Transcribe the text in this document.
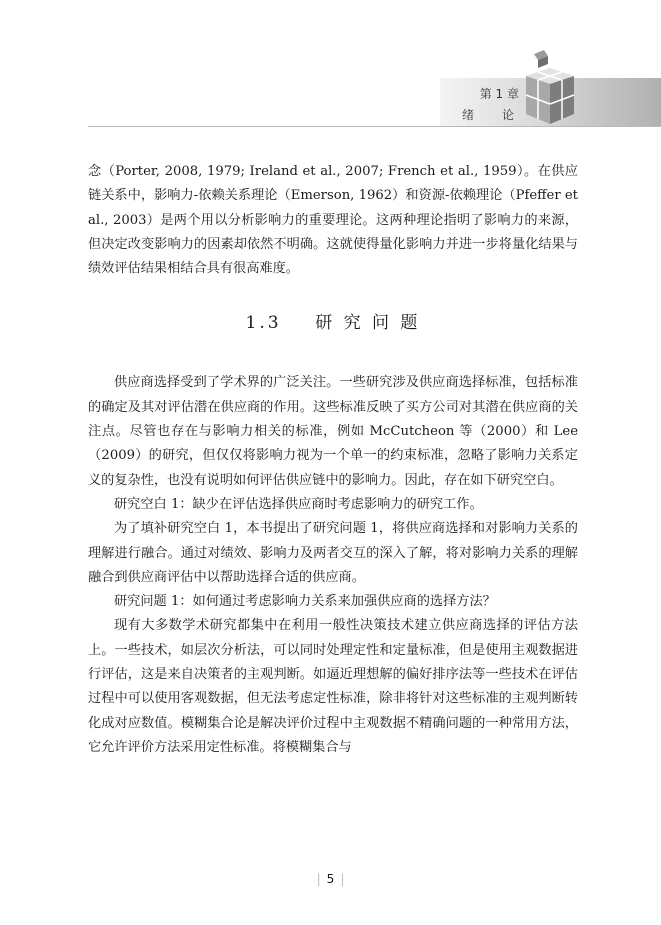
第 1 章
绪 论

念（Porter, 2008, 1979; Ireland et al., 2007; French et al., 1959）。在供应链关系中，影响力-依赖关系理论（Emerson, 1962）和资源-依赖理论（Pfeffer et al., 2003）是两个用以分析影响力的重要理论。这两种理论指明了影响力的来源，但决定改变影响力的因素却依然不明确。这就使得量化影响力并进一步将量化结果与绩效评估结果相结合具有很高难度。

1.3 研 究 问 题

供应商选择受到了学术界的广泛关注。一些研究涉及供应商选择标准，包括标准的确定及其对评估潜在供应商的作用。这些标准反映了买方公司对其潜在供应商的关注点。尽管也存在与影响力相关的标准，例如 McCutcheon 等（2000）和 Lee（2009）的研究，但仅仅将影响力视为一个单一的约束标准，忽略了影响力关系定义的复杂性，也没有说明如何评估供应链中的影响力。因此，存在如下研究空白。

研究空白 1：缺少在评估选择供应商时考虑影响力的研究工作。

为了填补研究空白 1，本书提出了研究问题 1，将供应商选择和对影响力关系的理解进行融合。通过对绩效、影响力及两者交互的深入了解，将对影响力关系的理解融合到供应商评估中以帮助选择合适的供应商。

研究问题 1：如何通过考虑影响力关系来加强供应商的选择方法？

现有大多数学术研究都集中在利用一般性决策技术建立供应商选择的评估方法上。一些技术，如层次分析法，可以同时处理定性和定量标准，但是使用主观数据进行评估，这是来自决策者的主观判断。如逼近理想解的偏好排序法等一些技术在评估过程中可以使用客观数据，但无法考虑定性标准，除非将针对这些标准的主观判断转化成对应数值。模糊集合论是解决评价过程中主观数据不精确问题的一种常用方法，它允许评价方法采用定性标准。将模糊集合与

| 5 |
